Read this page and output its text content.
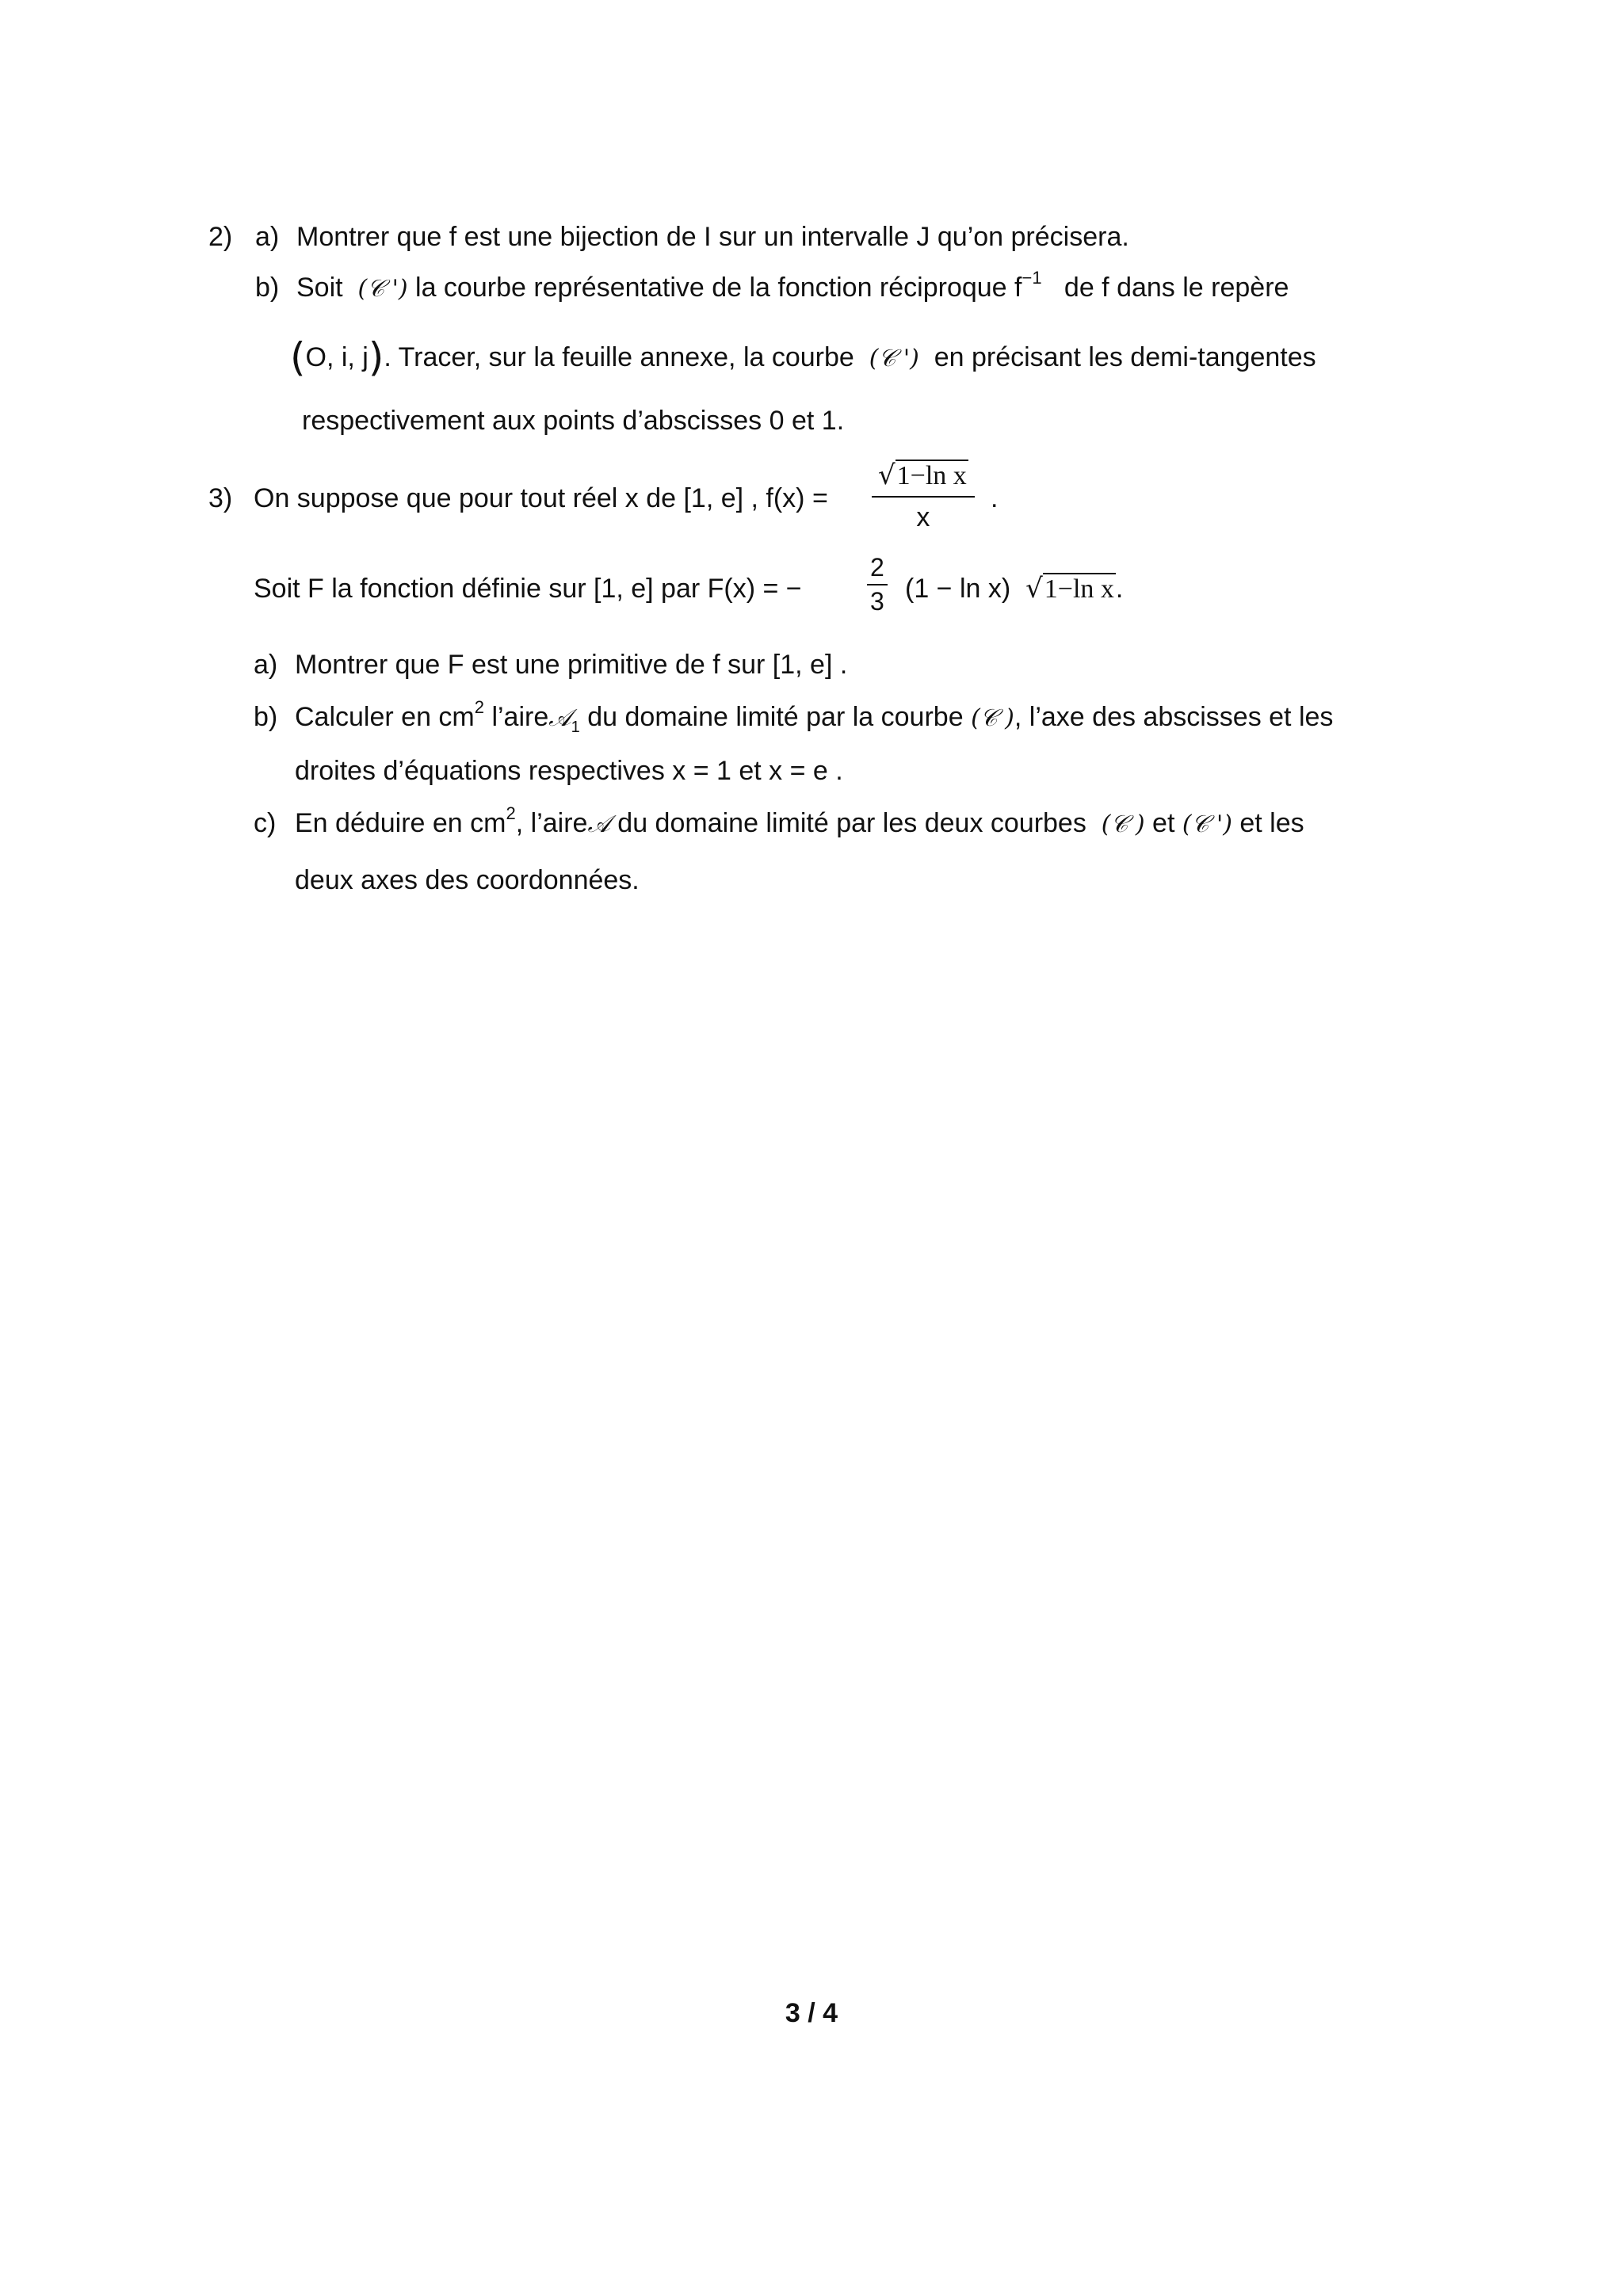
2) a) Montrer que f est une bijection de I sur un intervalle J qu’on précisera.
b) Soit (𝒞 ') la courbe représentative de la fonction réciproque $f^{-1}$ de f dans le repère
(O, i, j). Tracer, sur la feuille annexe, la courbe (𝒞 ') en précisant les demi-tangentes
respectivement aux points d’abscisses 0 et 1.
3) On suppose que pour tout réel x de [1, e] , $f(x) = \frac{\text{√1−ln x}}{x}$ .
Soit F la fonction définie sur [1, e] par F(x) = −	$\frac{2}{3} (1 - \ln x)$ √1−ln x.
a) Montrer que F est une primitive de f sur [1, e] .
b) Calculer en $cm^2$ l’aire𝒜$_1$ du domaine limité par la courbe (𝒞 ), l’axe des abscisses et les
droites d’équations respectives x = 1 et x = e .
c) En déduire en $cm^2$, l’aire𝒜 du domaine limité par les deux courbes (𝒞 ) et (𝒞 ') et les
deux axes des coordonnées.
3 / 4
